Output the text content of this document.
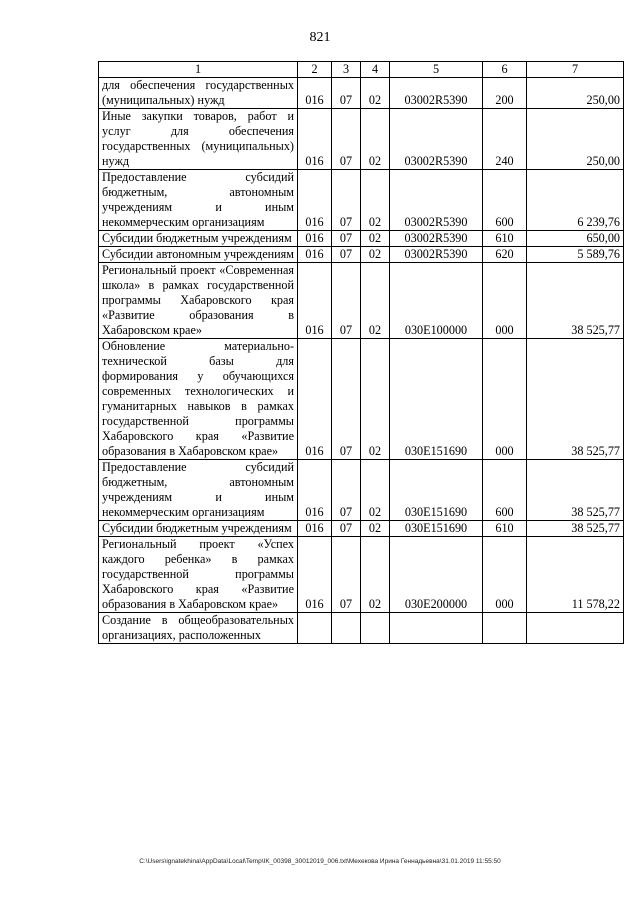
821
1	2	3	4	5	6	7
для обеспечения государственных (муниципальных) нужд	016	07	02	03002R5390	200	250,00
Иные закупки товаров, работ и услуг для обеспечения государственных (муниципальных) нужд	016	07	02	03002R5390	240	250,00
Предоставление субсидий бюджетным, автономным учреждениям и иным некоммерческим организациям	016	07	02	03002R5390	600	6 239,76
Субсидии бюджетным учреждениям	016	07	02	03002R5390	610	650,00
Субсидии автономным учреждениям	016	07	02	03002R5390	620	5 589,76
Региональный проект «Современная школа» в рамках государственной программы Хабаровского края «Развитие образования в Хабаровском крае»	016	07	02	030E100000	000	38 525,77
Обновление материально-технической базы для формирования у обучающихся современных технологических и гуманитарных навыков в рамках государственной программы Хабаровского края «Развитие образования в Хабаровском крае»	016	07	02	030E151690	000	38 525,77
Предоставление субсидий бюджетным, автономным учреждениям и иным некоммерческим организациям	016	07	02	030E151690	600	38 525,77
Субсидии бюджетным учреждениям	016	07	02	030E151690	610	38 525,77
Региональный проект «Успех каждого ребенка» в рамках государственной программы Хабаровского края «Развитие образования в Хабаровском крае»	016	07	02	030E200000	000	11 578,22
Создание в общеобразовательных организациях, расположенных						
C:\Users\ignatekhina\AppData\Local\Temp\IK_00398_30012019_006.txt\Мехекова Ирина Геннадьевна\31.01.2019 11:55:50
